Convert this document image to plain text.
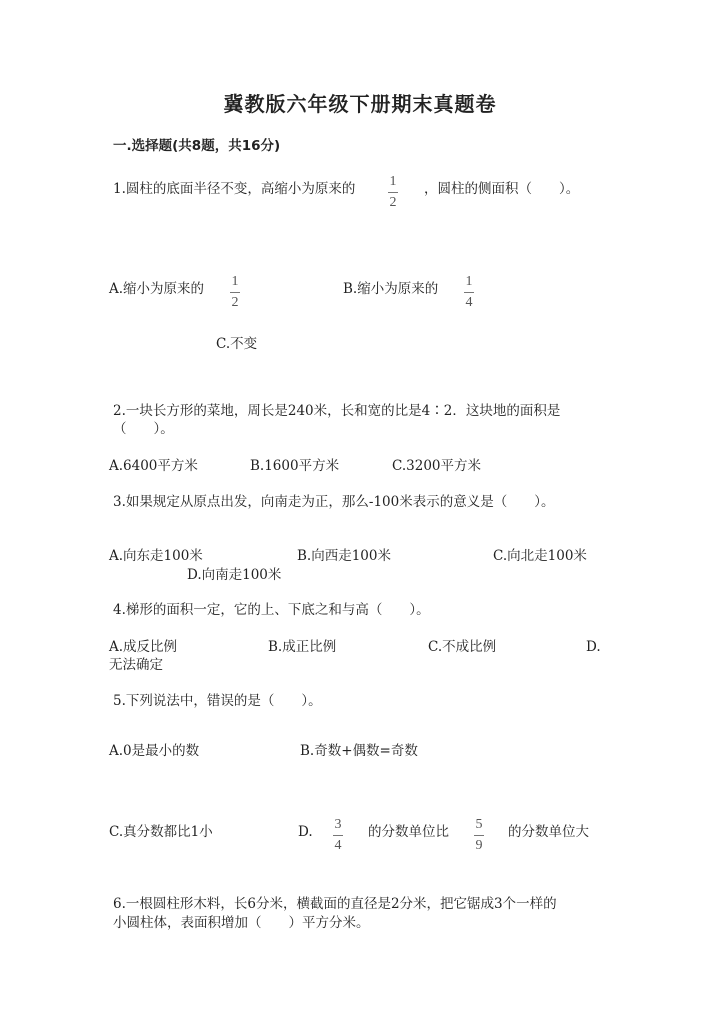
冀教版六年级下册期末真题卷
一.选择题(共8题，共16分)
1.圆柱的底面半径不变，高缩小为原来的 1
2
，圆柱的侧面积（　　）。
A.缩小为原来的 1
2
B.缩小为原来的 1
4
C.不变
2.一块长方形的菜地，周长是240米，长和宽的比是4∶2．这块地的面积是
（　　）。
A.6400平方米	B.1600平方米	C.3200平方米
3.如果规定从原点出发，向南走为正，那么-100米表示的意义是（　　）。
A.向东走100米	B.向西走100米	C.向北走100米
D.向南走100米
4.梯形的面积一定，它的上、下底之和与高（　　）。
A.成反比例	B.成正比例	C.不成比例	D.
无法确定
5.下列说法中，错误的是（　　）。
A.0是最小的数	B.奇数+偶数=奇数
C.真分数都比1小	D. 3
4
的分数单位比 5
9
的分数单位大
6.一根圆柱形木料，长6分米，横截面的直径是2分米，把它锯成3个一样的
小圆柱体，表面积增加（　　）平方分米。
